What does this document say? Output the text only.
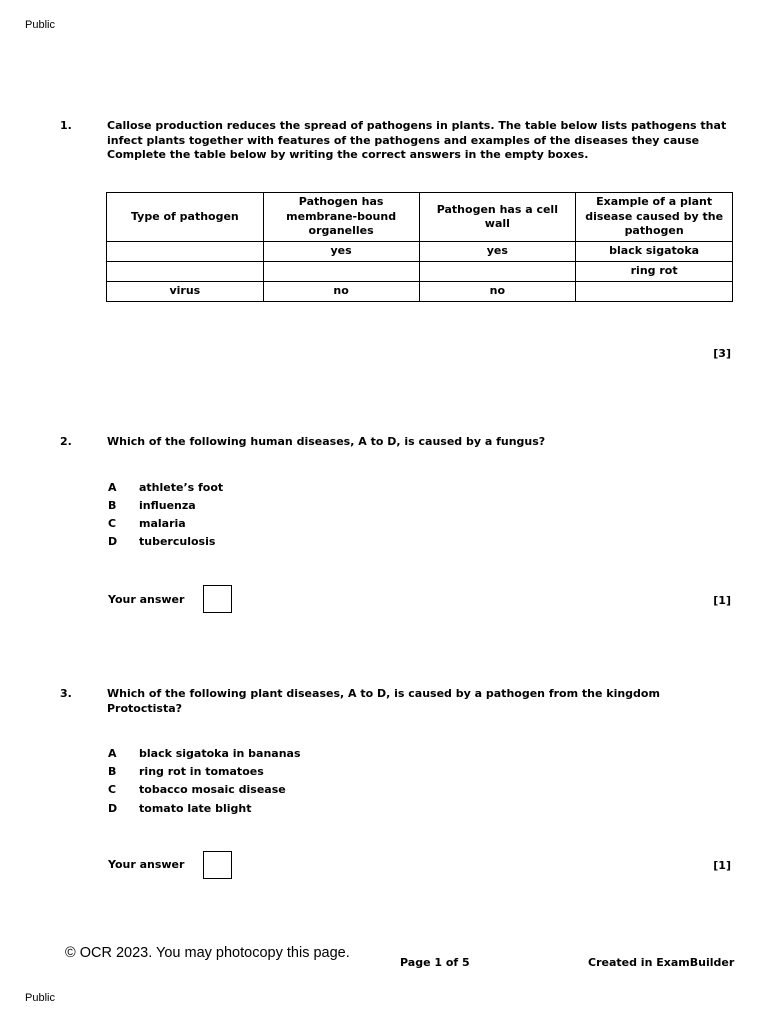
Public
1.	Callose production reduces the spread of pathogens in plants. The table below lists pathogens that infect plants together with features of the pathogens and examples of the diseases they cause
Complete the table below by writing the correct answers in the empty boxes.
Type of pathogen	Pathogen has membrane-bound organelles	Pathogen has a cell wall	Example of a plant disease caused by the pathogen
	yes	yes	black sigatoka
			ring rot
virus	no	no	
[3]
2.	Which of the following human diseases, A to D, is caused by a fungus?
A	athlete’s foot
B	influenza
C	malaria
D	tuberculosis
Your answer	[1]
3.	Which of the following plant diseases, A to D, is caused by a pathogen from the kingdom Protoctista?
A	black sigatoka in bananas
B	ring rot in tomatoes
C	tobacco mosaic disease
D	tomato late blight
Your answer	[1]
© OCR 2023. You may photocopy this page.
Page 1 of 5	Created in ExamBuilder
Public
